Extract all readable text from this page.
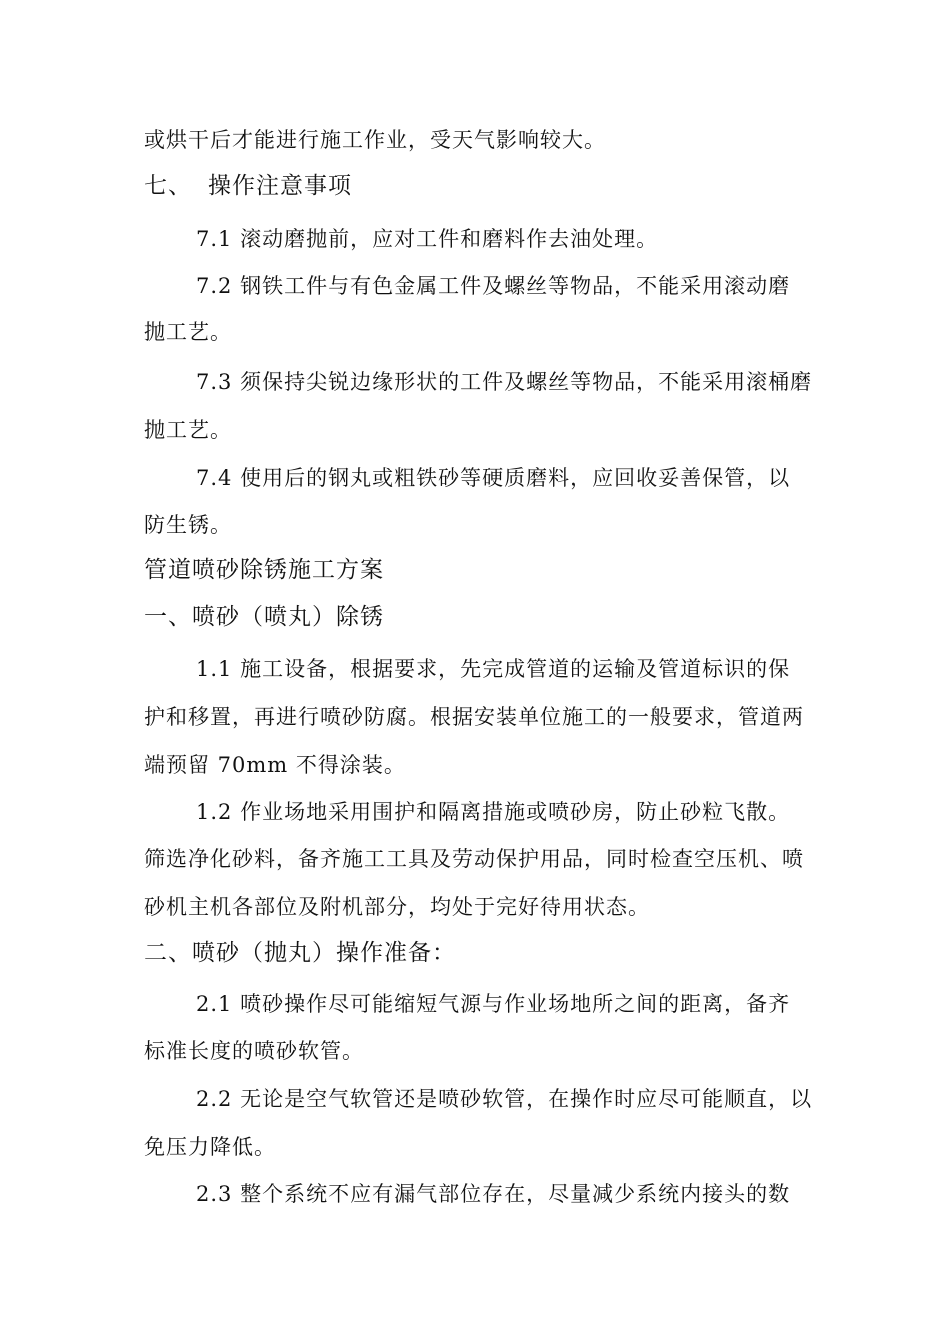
或烘干后才能进行施工作业，受天气影响较大。
七、 操作注意事项
7.1 滚动磨抛前，应对工件和磨料作去油处理。
7.2 钢铁工件与有色金属工件及螺丝等物品，不能采用滚动磨
抛工艺。
7.3 须保持尖锐边缘形状的工件及螺丝等物品，不能采用滚桶磨
抛工艺。
7.4 使用后的钢丸或粗铁砂等硬质磨料，应回收妥善保管，以
防生锈。
管道喷砂除锈施工方案
一、喷砂（喷丸）除锈
1.1 施工设备，根据要求，先完成管道的运输及管道标识的保
护和移置，再进行喷砂防腐。根据安装单位施工的一般要求，管道两
端预留 70mm 不得涂装。
1.2 作业场地采用围护和隔离措施或喷砂房，防止砂粒飞散。
筛选净化砂料，备齐施工工具及劳动保护用品，同时检查空压机、喷
砂机主机各部位及附机部分，均处于完好待用状态。
二、喷砂（抛丸）操作准备：
2.1 喷砂操作尽可能缩短气源与作业场地所之间的距离，备齐
标准长度的喷砂软管。
2.2 无论是空气软管还是喷砂软管，在操作时应尽可能顺直，以
免压力降低。
2.3 整个系统不应有漏气部位存在，尽量减少系统内接头的数
